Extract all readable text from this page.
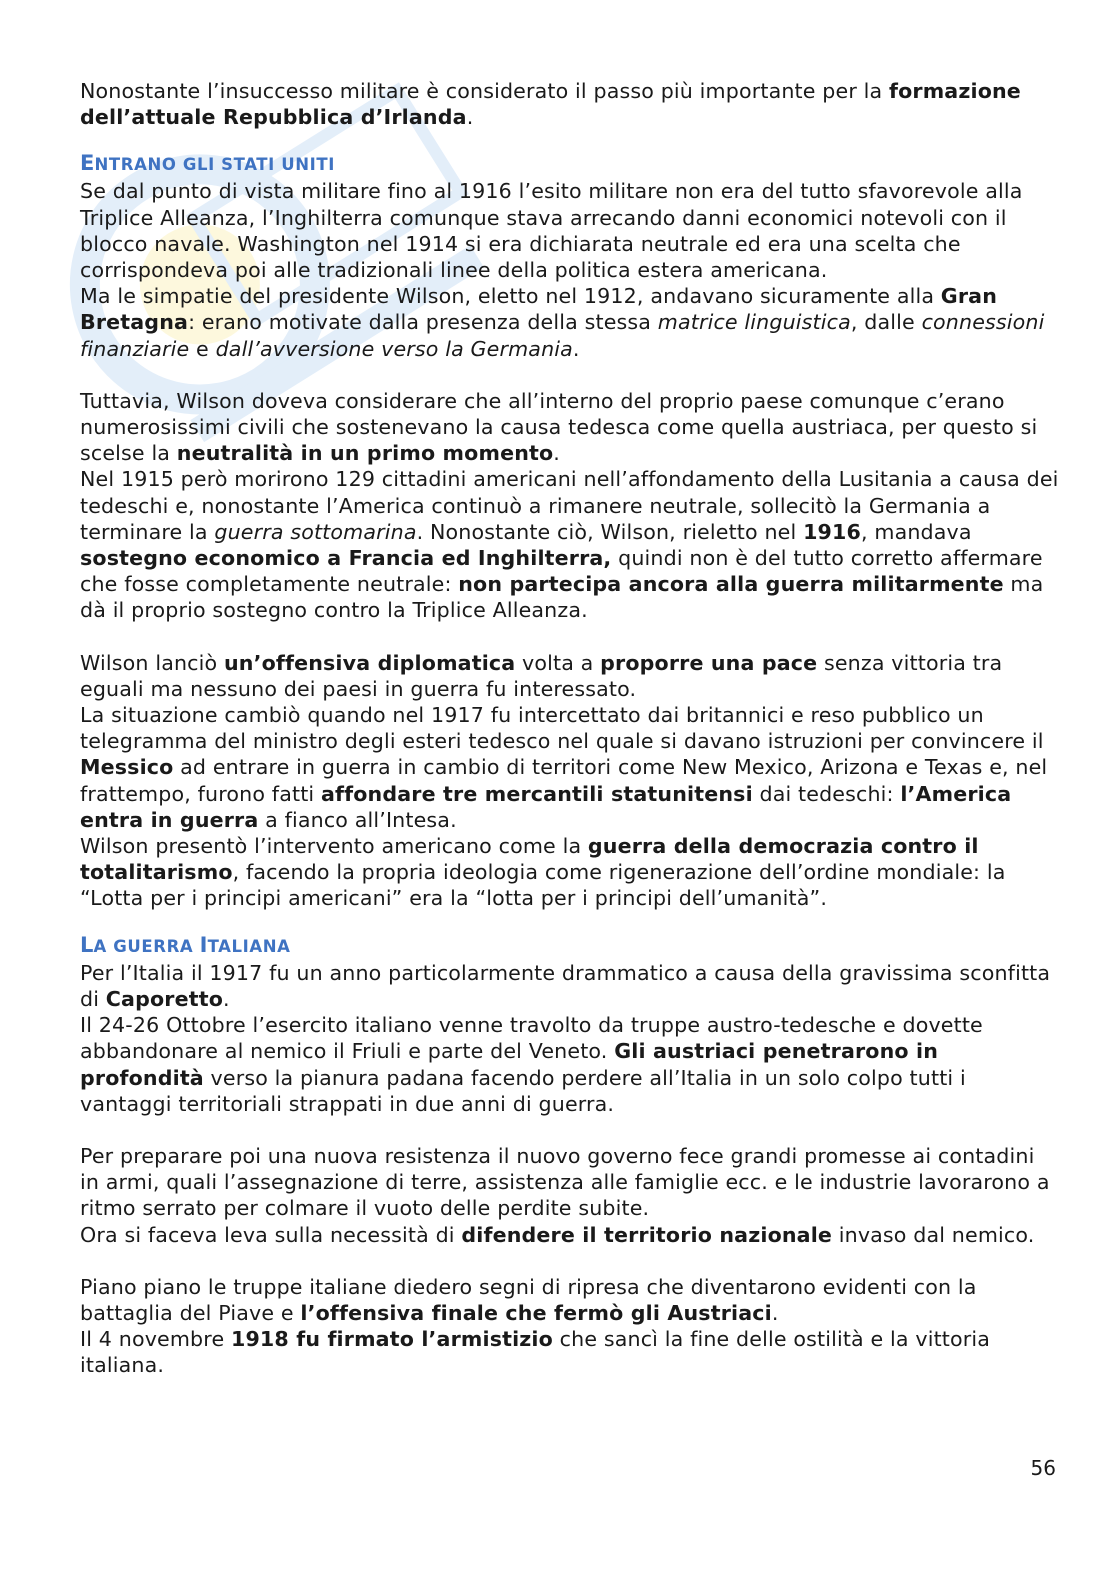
Nonostante l’insuccesso militare è considerato il passo più importante per la formazione dell’attuale Repubblica d’Irlanda.

ENTRANO GLI STATI UNITI

Se dal punto di vista militare fino al 1916 l’esito militare non era del tutto sfavorevole alla Triplice Alleanza, l’Inghilterra comunque stava arrecando danni economici notevoli con il blocco navale. Washington nel 1914 si era dichiarata neutrale ed era una scelta che corrispondeva poi alle tradizionali linee della politica estera americana.

Ma le simpatie del presidente Wilson, eletto nel 1912, andavano sicuramente alla Gran Bretagna: erano motivate dalla presenza della stessa matrice linguistica, dalle connessioni finanziarie e dall’avversione verso la Germania.

Tuttavia, Wilson doveva considerare che all’interno del proprio paese comunque c’erano numerosissimi civili che sostenevano la causa tedesca come quella austriaca, per questo si scelse la neutralità in un primo momento.

Nel 1915 però morirono 129 cittadini americani nell’affondamento della Lusitania a causa dei tedeschi e, nonostante l’America continuò a rimanere neutrale, sollecitò la Germania a terminare la guerra sottomarina. Nonostante ciò, Wilson, rieletto nel 1916, mandava sostegno economico a Francia ed Inghilterra, quindi non è del tutto corretto affermare che fosse completamente neutrale: non partecipa ancora alla guerra militarmente ma dà il proprio sostegno contro la Triplice Alleanza.

Wilson lanciò un’offensiva diplomatica volta a proporre una pace senza vittoria tra eguali ma nessuno dei paesi in guerra fu interessato.

La situazione cambiò quando nel 1917 fu intercettato dai britannici e reso pubblico un telegramma del ministro degli esteri tedesco nel quale si davano istruzioni per convincere il Messico ad entrare in guerra in cambio di territori come New Mexico, Arizona e Texas e, nel frattempo, furono fatti affondare tre mercantili statunitensi dai tedeschi: l’America entra in guerra a fianco all’Intesa.

Wilson presentò l’intervento americano come la guerra della democrazia contro il totalitarismo, facendo la propria ideologia come rigenerazione dell’ordine mondiale: la “Lotta per i principi americani” era la “lotta per i principi dell’umanità”.

LA GUERRA ITALIANA

Per l’Italia il 1917 fu un anno particolarmente drammatico a causa della gravissima sconfitta di Caporetto.

Il 24-26 Ottobre l’esercito italiano venne travolto da truppe austro-tedesche e dovette abbandonare al nemico il Friuli e parte del Veneto. Gli austriaci penetrarono in profondità verso la pianura padana facendo perdere all’Italia in un solo colpo tutti i vantaggi territoriali strappati in due anni di guerra.

Per preparare poi una nuova resistenza il nuovo governo fece grandi promesse ai contadini in armi, quali l’assegnazione di terre, assistenza alle famiglie ecc. e le industrie lavorarono a ritmo serrato per colmare il vuoto delle perdite subite.

Ora si faceva leva sulla necessità di difendere il territorio nazionale invaso dal nemico.

Piano piano le truppe italiane diedero segni di ripresa che diventarono evidenti con la battaglia del Piave e l’offensiva finale che fermò gli Austriaci.

Il 4 novembre 1918 fu firmato l’armistizio che sancì la fine delle ostilità e la vittoria italiana.

56
